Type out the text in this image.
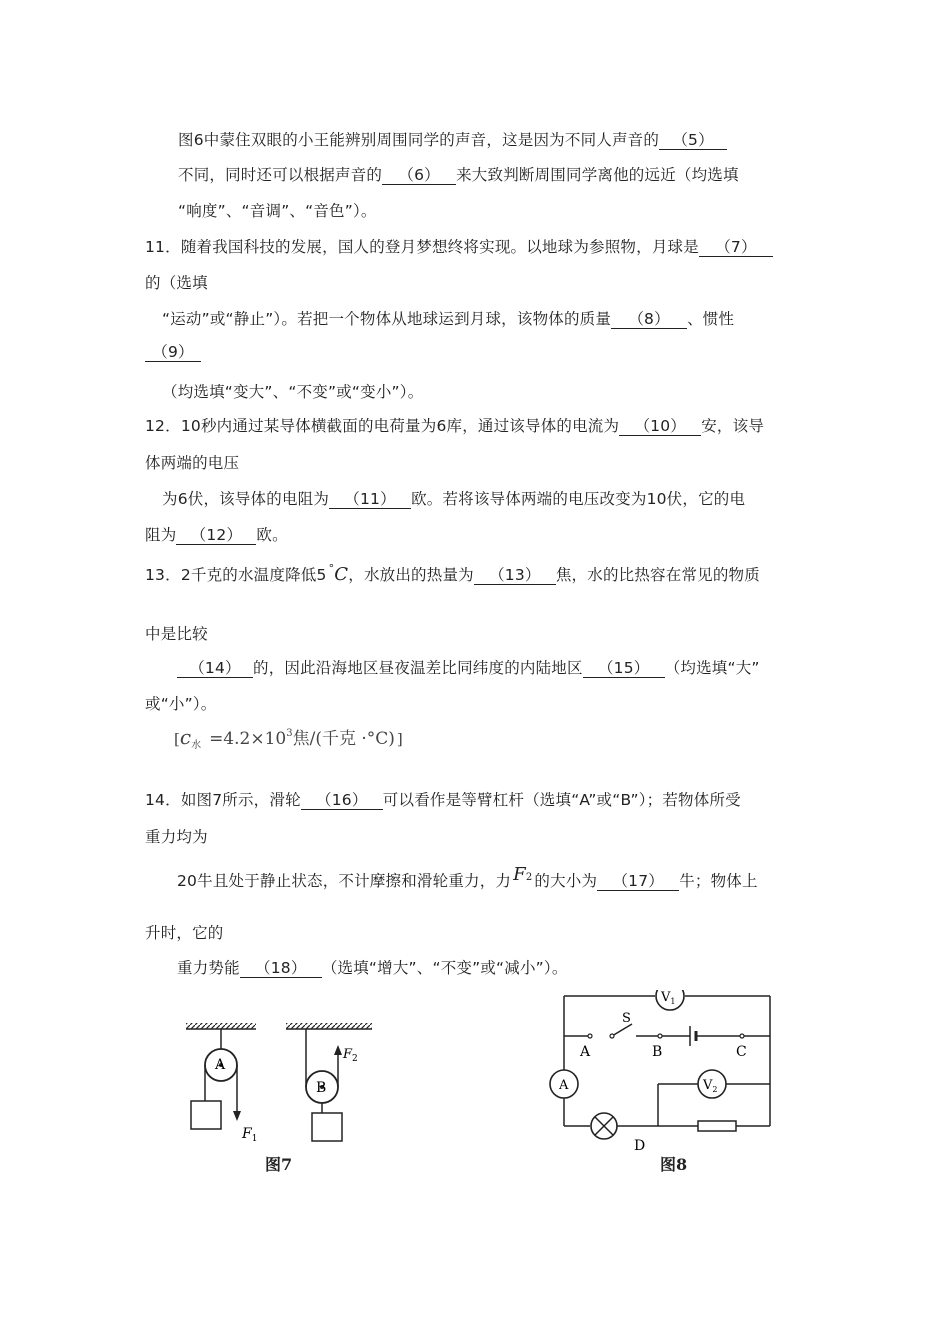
图6中蒙住双眼的小王能辨别周围同学的声音，这是因为不同人声音的 （5）
不同，同时还可以根据声音的 （6） 来大致判断周围同学离他的远近（均选填
“响度”、“音调”、“音色”）。
11．随着我国科技的发展，国人的登月梦想终将实现。以地球为参照物，月球是 （7）
的（选填
“运动”或“静止”）。若把一个物体从地球运到月球，该物体的质量 （8） 、惯性
（9）
（均选填“变大”、“不变”或“变小”）。
12．10秒内通过某导体横截面的电荷量为6库，通过该导体的电流为 （10） 安，该导
体两端的电压
为6伏，该导体的电阻为 （11） 欧。若将该导体两端的电压改变为10伏，它的电
阻为 （12） 欧。
13．2千克的水温度降低5 °C，水放出的热量为 （13） 焦，水的比热容在常见的物质
中是比较
（14） 的，因此沿海地区昼夜温差比同纬度的内陆地区 （15） （均选填“大”
或“小”）。
[$c_水 =4.2\times 10^3$焦/(千克 ·°C) ]
14．如图7所示，滑轮 （16） 可以看作是等臂杠杆（选填“A”或“B”）；若物体所受
重力均为
20牛且处于静止状态，不计摩擦和滑轮重力，力 F2 的大小为 （17） 牛；物体上
升时，它的
重力势能 （18） （选填“增大”、“不变”或“减小”）。
A
$F_1$
B
$F_2$
图7
$V_1$
S
A	B	C
A
D
$V_2$
图8
